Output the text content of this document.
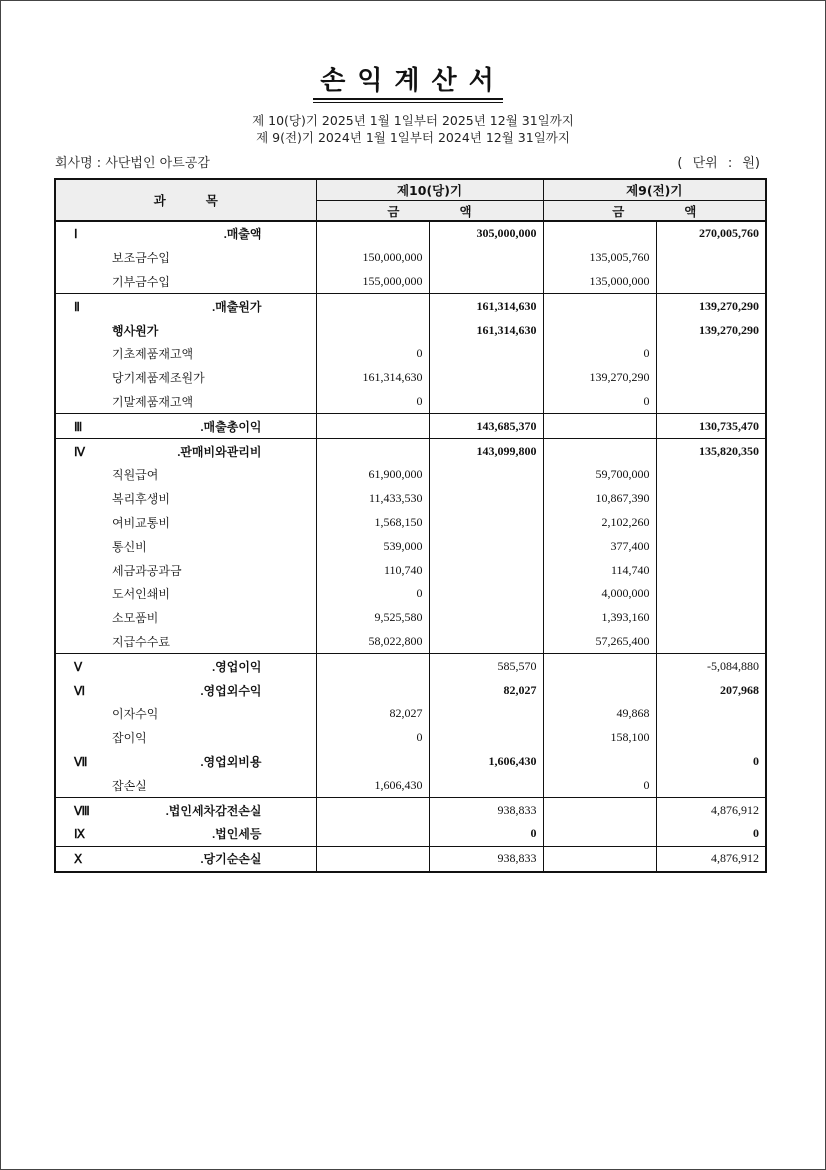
손익계산서
제 10(당)기 2025년 1월 1일부터 2025년 12월 31일까지
제 9(전)기 2024년 1월 1일부터 2024년 12월 31일까지
회사명 : 사단법인 아트공감	( 단위 : 원)
과목	제10(당)기		제9(전)기	
	금액		금액	

Ⅰ.매출액		305,000,000		270,005,760

보조금수입	150,000,000		135,005,760	

기부금수입	155,000,000		135,000,000	

Ⅱ.매출원가		161,314,630		139,270,290

행사원가		161,314,630		139,270,290

기초제품재고액	0		0	

당기제품제조원가	161,314,630		139,270,290	

기말제품재고액	0		0	

Ⅲ.매출총이익		143,685,370		130,735,470

Ⅳ.판매비와관리비		143,099,800		135,820,350

직원급여	61,900,000		59,700,000	

복리후생비	11,433,530		10,867,390	

여비교통비	1,568,150		2,102,260	

통신비	539,000		377,400	

세금과공과금	110,740		114,740	

도서인쇄비	0		4,000,000	

소모품비	9,525,580		1,393,160	

지급수수료	58,022,800		57,265,400	

Ⅴ.영업이익		585,570		-5,084,880

Ⅵ.영업외수익		82,027		207,968

이자수익	82,027		49,868	

잡이익	0		158,100	

Ⅶ.영업외비용		1,606,430		0

잡손실	1,606,430		0	

Ⅷ.법인세차감전손실		938,833		4,876,912

Ⅸ.법인세등		0		0

Ⅹ.당기순손실		938,833		4,876,912
